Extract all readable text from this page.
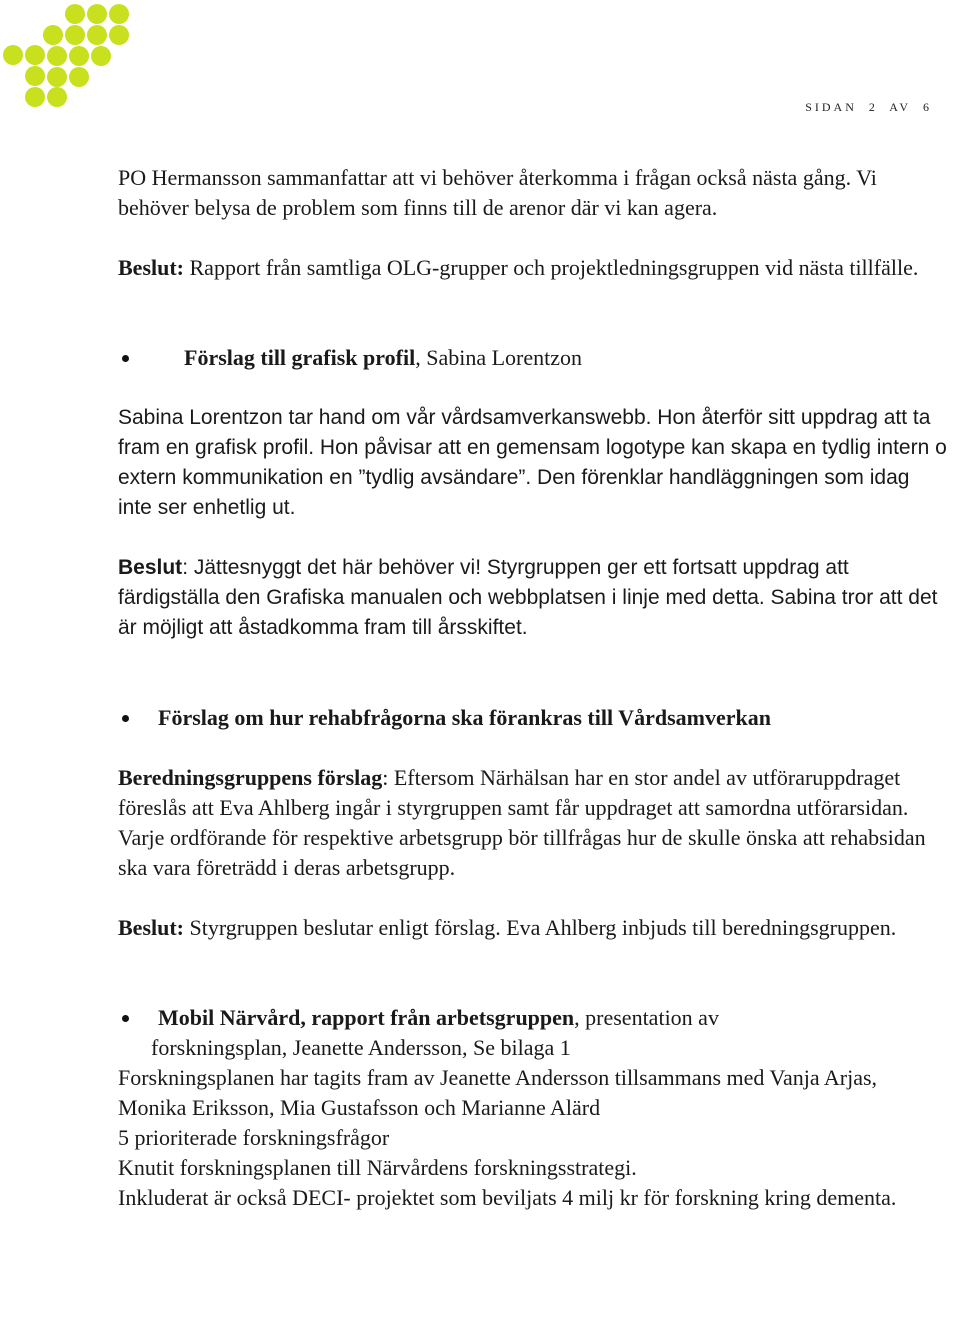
SIDAN 2 AV 6

PO Hermansson sammanfattar att vi behöver återkomma i frågan också nästa gång. Vi behöver belysa de problem som finns till de arenor där vi kan agera.

Beslut: Rapport från samtliga OLG-grupper och projektledningsgruppen vid nästa tillfälle.

Förslag till grafisk profil, Sabina Lorentzon

Sabina Lorentzon tar hand om vår vårdsamverkanswebb. Hon återför sitt uppdrag att ta fram en grafisk profil. Hon påvisar att en gemensam logotype kan skapa en tydlig intern o extern kommunikation en ”tydlig avsändare”. Den förenklar handläggningen som idag inte ser enhetlig ut.

Beslut: Jättesnyggt det här behöver vi! Styrgruppen ger ett fortsatt uppdrag att färdigställa den Grafiska manualen och webbplatsen i linje med detta. Sabina tror att det är möjligt att åstadkomma fram till årsskiftet.

Förslag om hur rehabfrågorna ska förankras till Vårdsamverkan

Beredningsgruppens förslag: Eftersom Närhälsan har en stor andel av utföraruppdraget föreslås att Eva Ahlberg ingår i styrgruppen samt får uppdraget att samordna utförarsidan. Varje ordförande för respektive arbetsgrupp bör tillfrågas hur de skulle önska att rehabsidan ska vara företrädd i deras arbetsgrupp.

Beslut: Styrgruppen beslutar enligt förslag. Eva Ahlberg inbjuds till beredningsgruppen.

Mobil Närvård, rapport från arbetsgruppen, presentation av

forskningsplan, Jeanette Andersson, Se bilaga 1

Forskningsplanen har tagits fram av Jeanette Andersson tillsammans med Vanja Arjas, Monika Eriksson, Mia Gustafsson och Marianne Alärd

5 prioriterade forskningsfrågor

Knutit forskningsplanen till Närvårdens forskningsstrategi.

Inkluderat är också DECI- projektet som beviljats 4 milj kr för forskning kring dementa.
